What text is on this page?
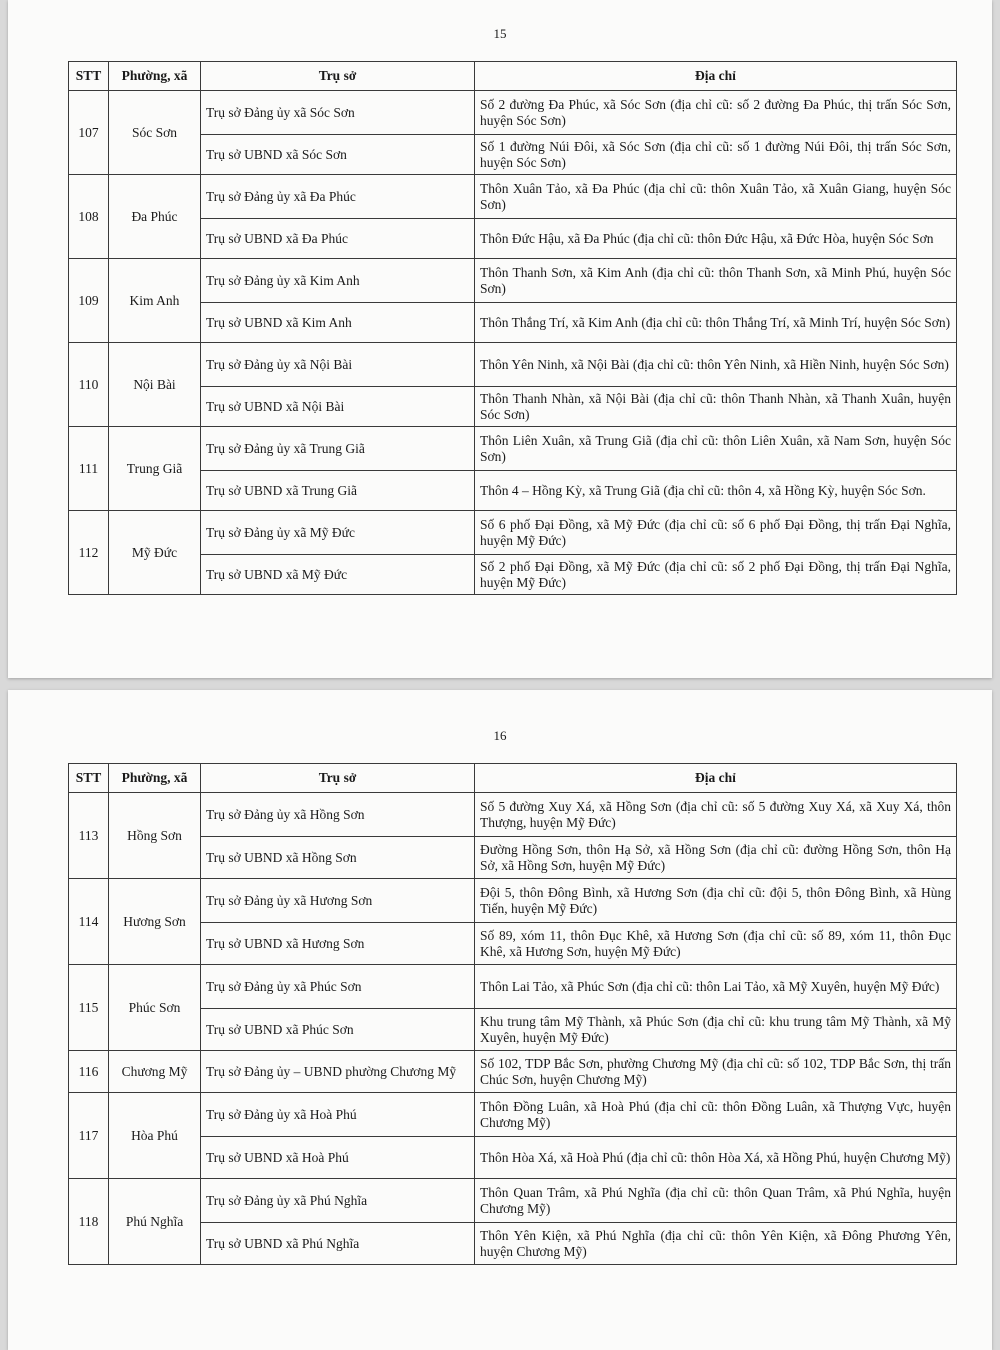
15
STT	Phường, xã	Trụ sở	Địa chỉ
107	Sóc Sơn	Trụ sở Đảng ủy xã Sóc Sơn	Số 2 đường Đa Phúc, xã Sóc Sơn (địa chỉ cũ: số 2 đường Đa Phúc, thị trấn Sóc Sơn, huyện Sóc Sơn)
		Trụ sở UBND xã Sóc Sơn	Số 1 đường Núi Đôi, xã Sóc Sơn (địa chỉ cũ: số 1 đường Núi Đôi, thị trấn Sóc Sơn, huyện Sóc Sơn)
108	Đa Phúc	Trụ sở Đảng ủy xã Đa Phúc	Thôn Xuân Tảo, xã Đa Phúc (địa chỉ cũ: thôn Xuân Tảo, xã Xuân Giang, huyện Sóc Sơn)
		Trụ sở UBND xã Đa Phúc	Thôn Đức Hậu, xã Đa Phúc (địa chỉ cũ: thôn Đức Hậu, xã Đức Hòa, huyện Sóc Sơn
109	Kim Anh	Trụ sở Đảng ủy xã Kim Anh	Thôn Thanh Sơn, xã Kim Anh (địa chỉ cũ: thôn Thanh Sơn, xã Minh Phú, huyện Sóc Sơn)
		Trụ sở UBND xã Kim Anh	Thôn Thắng Trí, xã Kim Anh (địa chỉ cũ: thôn Thắng Trí, xã Minh Trí, huyện Sóc Sơn)
110	Nội Bài	Trụ sở Đảng ủy xã Nội Bài	Thôn Yên Ninh, xã Nội Bài (địa chỉ cũ: thôn Yên Ninh, xã Hiền Ninh, huyện Sóc Sơn)
		Trụ sở UBND xã Nội Bài	Thôn Thanh Nhàn, xã Nội Bài (địa chỉ cũ: thôn Thanh Nhàn, xã Thanh Xuân, huyện Sóc Sơn)
111	Trung Giã	Trụ sở Đảng ủy xã Trung Giã	Thôn Liên Xuân, xã Trung Giã (địa chỉ cũ: thôn Liên Xuân, xã Nam Sơn, huyện Sóc Sơn)
		Trụ sở UBND xã Trung Giã	Thôn 4 – Hồng Kỳ, xã Trung Giã (địa chỉ cũ: thôn 4, xã Hồng Kỳ, huyện Sóc Sơn.
112	Mỹ Đức	Trụ sở Đảng ủy xã Mỹ Đức	Số 6 phố Đại Đồng, xã Mỹ Đức (địa chỉ cũ: số 6 phố Đại Đồng, thị trấn Đại Nghĩa, huyện Mỹ Đức)
		Trụ sở UBND xã Mỹ Đức	Số 2 phố Đại Đồng, xã Mỹ Đức (địa chỉ cũ: số 2 phố Đại Đồng, thị trấn Đại Nghĩa, huyện Mỹ Đức)
16
STT	Phường, xã	Trụ sở	Địa chỉ
113	Hồng Sơn	Trụ sở Đảng ủy xã Hồng Sơn	Số 5 đường Xuy Xá, xã Hồng Sơn (địa chỉ cũ: số 5 đường Xuy Xá, xã Xuy Xá, thôn Thượng, huyện Mỹ Đức)
		Trụ sở UBND xã Hồng Sơn	Đường Hồng Sơn, thôn Hạ Sở, xã Hồng Sơn (địa chỉ cũ: đường Hồng Sơn, thôn Hạ Sở, xã Hồng Sơn, huyện Mỹ Đức)
114	Hương Sơn	Trụ sở Đảng ủy xã Hương Sơn	Đội 5, thôn Đông Bình, xã Hương Sơn (địa chỉ cũ: đội 5, thôn Đông Bình, xã Hùng Tiến, huyện Mỹ Đức)
		Trụ sở UBND xã Hương Sơn	Số 89, xóm 11, thôn Đục Khê, xã Hương Sơn (địa chỉ cũ: số 89, xóm 11, thôn Đục Khê, xã Hương Sơn, huyện Mỹ Đức)
115	Phúc Sơn	Trụ sở Đảng ủy xã Phúc Sơn	Thôn Lai Tảo, xã Phúc Sơn (địa chỉ cũ: thôn Lai Tảo, xã Mỹ Xuyên, huyện Mỹ Đức)
		Trụ sở UBND xã Phúc Sơn	Khu trung tâm Mỹ Thành, xã Phúc Sơn (địa chỉ cũ: khu trung tâm Mỹ Thành, xã Mỹ Xuyên, huyện Mỹ Đức)
116	Chương Mỹ	Trụ sở Đảng ủy – UBND phường Chương Mỹ	Số 102, TDP Bắc Sơn, phường Chương Mỹ (địa chỉ cũ: số 102, TDP Bắc Sơn, thị trấn Chúc Sơn, huyện Chương Mỹ)
117	Hòa Phú	Trụ sở Đảng ủy xã Hoà Phú	Thôn Đồng Luân, xã Hoà Phú (địa chỉ cũ: thôn Đồng Luân, xã Thượng Vực, huyện Chương Mỹ)
		Trụ sở UBND xã Hoà Phú	Thôn Hòa Xá, xã Hoà Phú (địa chỉ cũ: thôn Hòa Xá, xã Hồng Phú, huyện Chương Mỹ)
118	Phú Nghĩa	Trụ sở Đảng ủy xã Phú Nghĩa	Thôn Quan Trâm, xã Phú Nghĩa (địa chỉ cũ: thôn Quan Trâm, xã Phú Nghĩa, huyện Chương Mỹ)
		Trụ sở UBND xã Phú Nghĩa	Thôn Yên Kiện, xã Phú Nghĩa (địa chỉ cũ: thôn Yên Kiện, xã Đông Phương Yên, huyện Chương Mỹ)
